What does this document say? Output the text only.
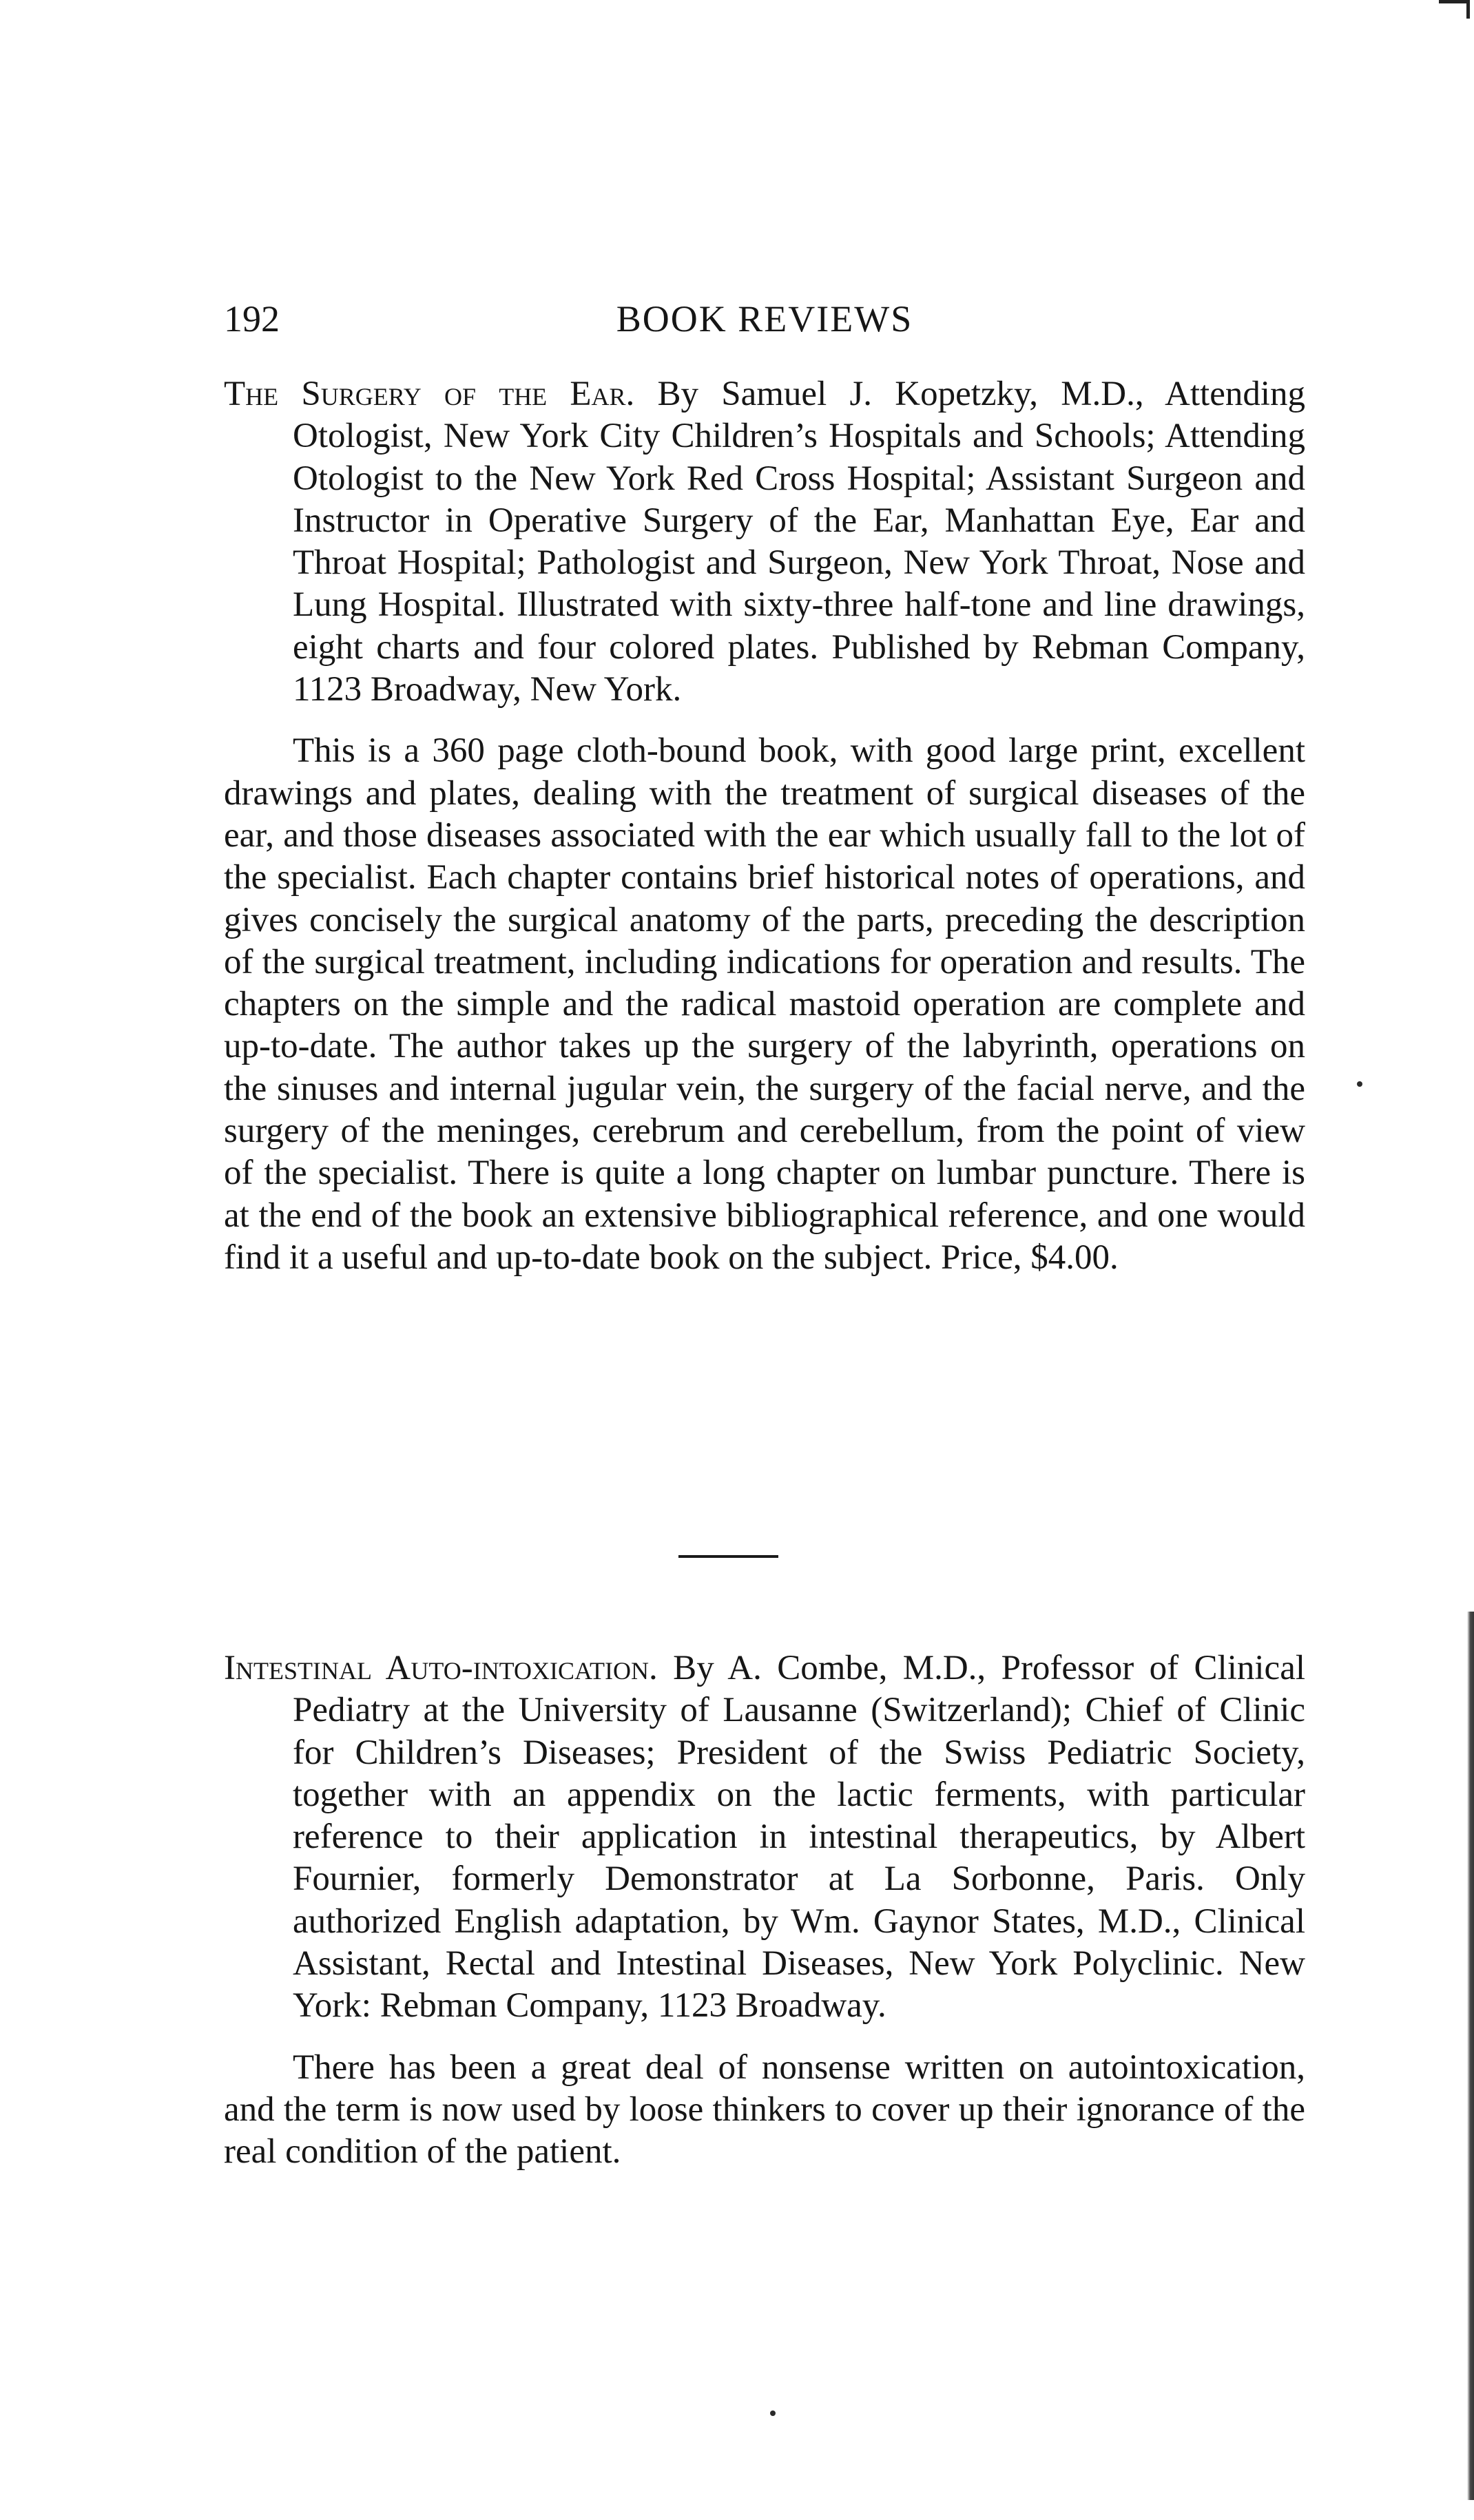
192	BOOK REVIEWS

The Surgery of the Ear. By Samuel J. Kopetzky, M.D., Attending Otologist, New York City Children’s Hospitals and Schools; Attending Otologist to the New York Red Cross Hospital; Assistant Surgeon and Instructor in Operative Surgery of the Ear, Manhattan Eye, Ear and Throat Hospital; Pathologist and Surgeon, New York Throat, Nose and Lung Hospital. Illustrated with sixty-three half-tone and line drawings, eight charts and four colored plates. Published by Rebman Company, 1123 Broadway, New York.

This is a 360 page cloth-bound book, with good large print, excellent drawings and plates, dealing with the treatment of surgical diseases of the ear, and those diseases associated with the ear which usually fall to the lot of the specialist. Each chapter contains brief historical notes of operations, and gives concisely the surgical anatomy of the parts, preceding the description of the surgical treatment, including indications for operation and results. The chapters on the simple and the radical mastoid operation are complete and up-to-date. The author takes up the surgery of the labyrinth, operations on the sinuses and internal jugular vein, the surgery of the facial nerve, and the surgery of the meninges, cerebrum and cerebellum, from the point of view of the specialist. There is quite a long chapter on lumbar puncture. There is at the end of the book an extensive bibliographical reference, and one would find it a useful and up-to-date book on the subject. Price, $4.00.

Intestinal Auto-intoxication. By A. Combe, M.D., Professor of Clinical Pediatry at the University of Lausanne (Switzerland); Chief of Clinic for Children’s Diseases; President of the Swiss Pediatric Society, together with an appendix on the lactic ferments, with particular reference to their application in intestinal therapeutics, by Albert Fournier, formerly Demonstrator at La Sorbonne, Paris. Only authorized English adaptation, by Wm. Gaynor States, M.D., Clinical Assistant, Rectal and Intestinal Diseases, New York Polyclinic. New York: Rebman Company, 1123 Broadway.

There has been a great deal of nonsense written on autointoxication, and the term is now used by loose thinkers to cover up their ignorance of the real condition of the patient.
